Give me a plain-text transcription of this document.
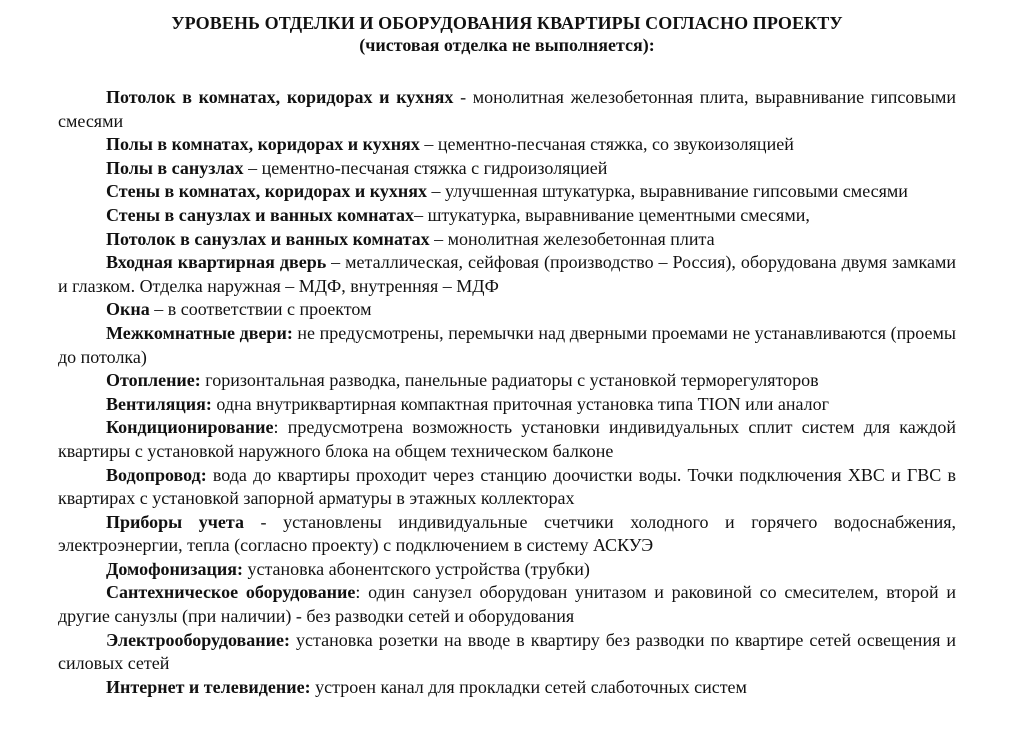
УРОВЕНЬ ОТДЕЛКИ И ОБОРУДОВАНИЯ КВАРТИРЫ СОГЛАСНО ПРОЕКТУ

(чистовая отделка не выполняется):

Потолок в комнатах, коридорах и кухнях - монолитная железобетонная плита, выравнивание гипсовыми смесями

Полы в комнатах, коридорах и кухнях – цементно-песчаная стяжка, со звукоизоляцией

Полы в санузлах – цементно-песчаная стяжка с гидроизоляцией

Стены в комнатах, коридорах и кухнях – улучшенная штукатурка, выравнивание гипсовыми смесями

Стены в санузлах и ванных комнатах– штукатурка, выравнивание цементными смесями,

Потолок в санузлах и ванных комнатах – монолитная железобетонная плита

Входная квартирная дверь – металлическая, сейфовая (производство – Россия), оборудована двумя замками и глазком. Отделка наружная – МДФ, внутренняя – МДФ

Окна – в соответствии с проектом

Межкомнатные двери: не предусмотрены, перемычки над дверными проемами не устанавливаются (проемы до потолка)

Отопление: горизонтальная разводка, панельные радиаторы с установкой терморегуляторов

Вентиляция: одна внутриквартирная компактная приточная установка типа TION или аналог

Кондиционирование: предусмотрена возможность установки индивидуальных сплит систем для каждой квартиры с установкой наружного блока на общем техническом балконе

Водопровод: вода до квартиры проходит через станцию доочистки воды. Точки подключения ХВС и ГВС в квартирах с установкой запорной арматуры в этажных коллекторах

Приборы учета - установлены индивидуальные счетчики холодного и горячего водоснабжения, электроэнергии, тепла (согласно проекту) с подключением в систему АСКУЭ

Домофонизация: установка абонентского устройства (трубки)

Сантехническое оборудование: один санузел оборудован унитазом и раковиной со смесителем, второй и другие санузлы (при наличии) - без разводки сетей и оборудования

Электрооборудование: установка розетки на вводе в квартиру без разводки по квартире сетей освещения и силовых сетей

Интернет и телевидение: устроен канал для прокладки сетей слаботочных систем
